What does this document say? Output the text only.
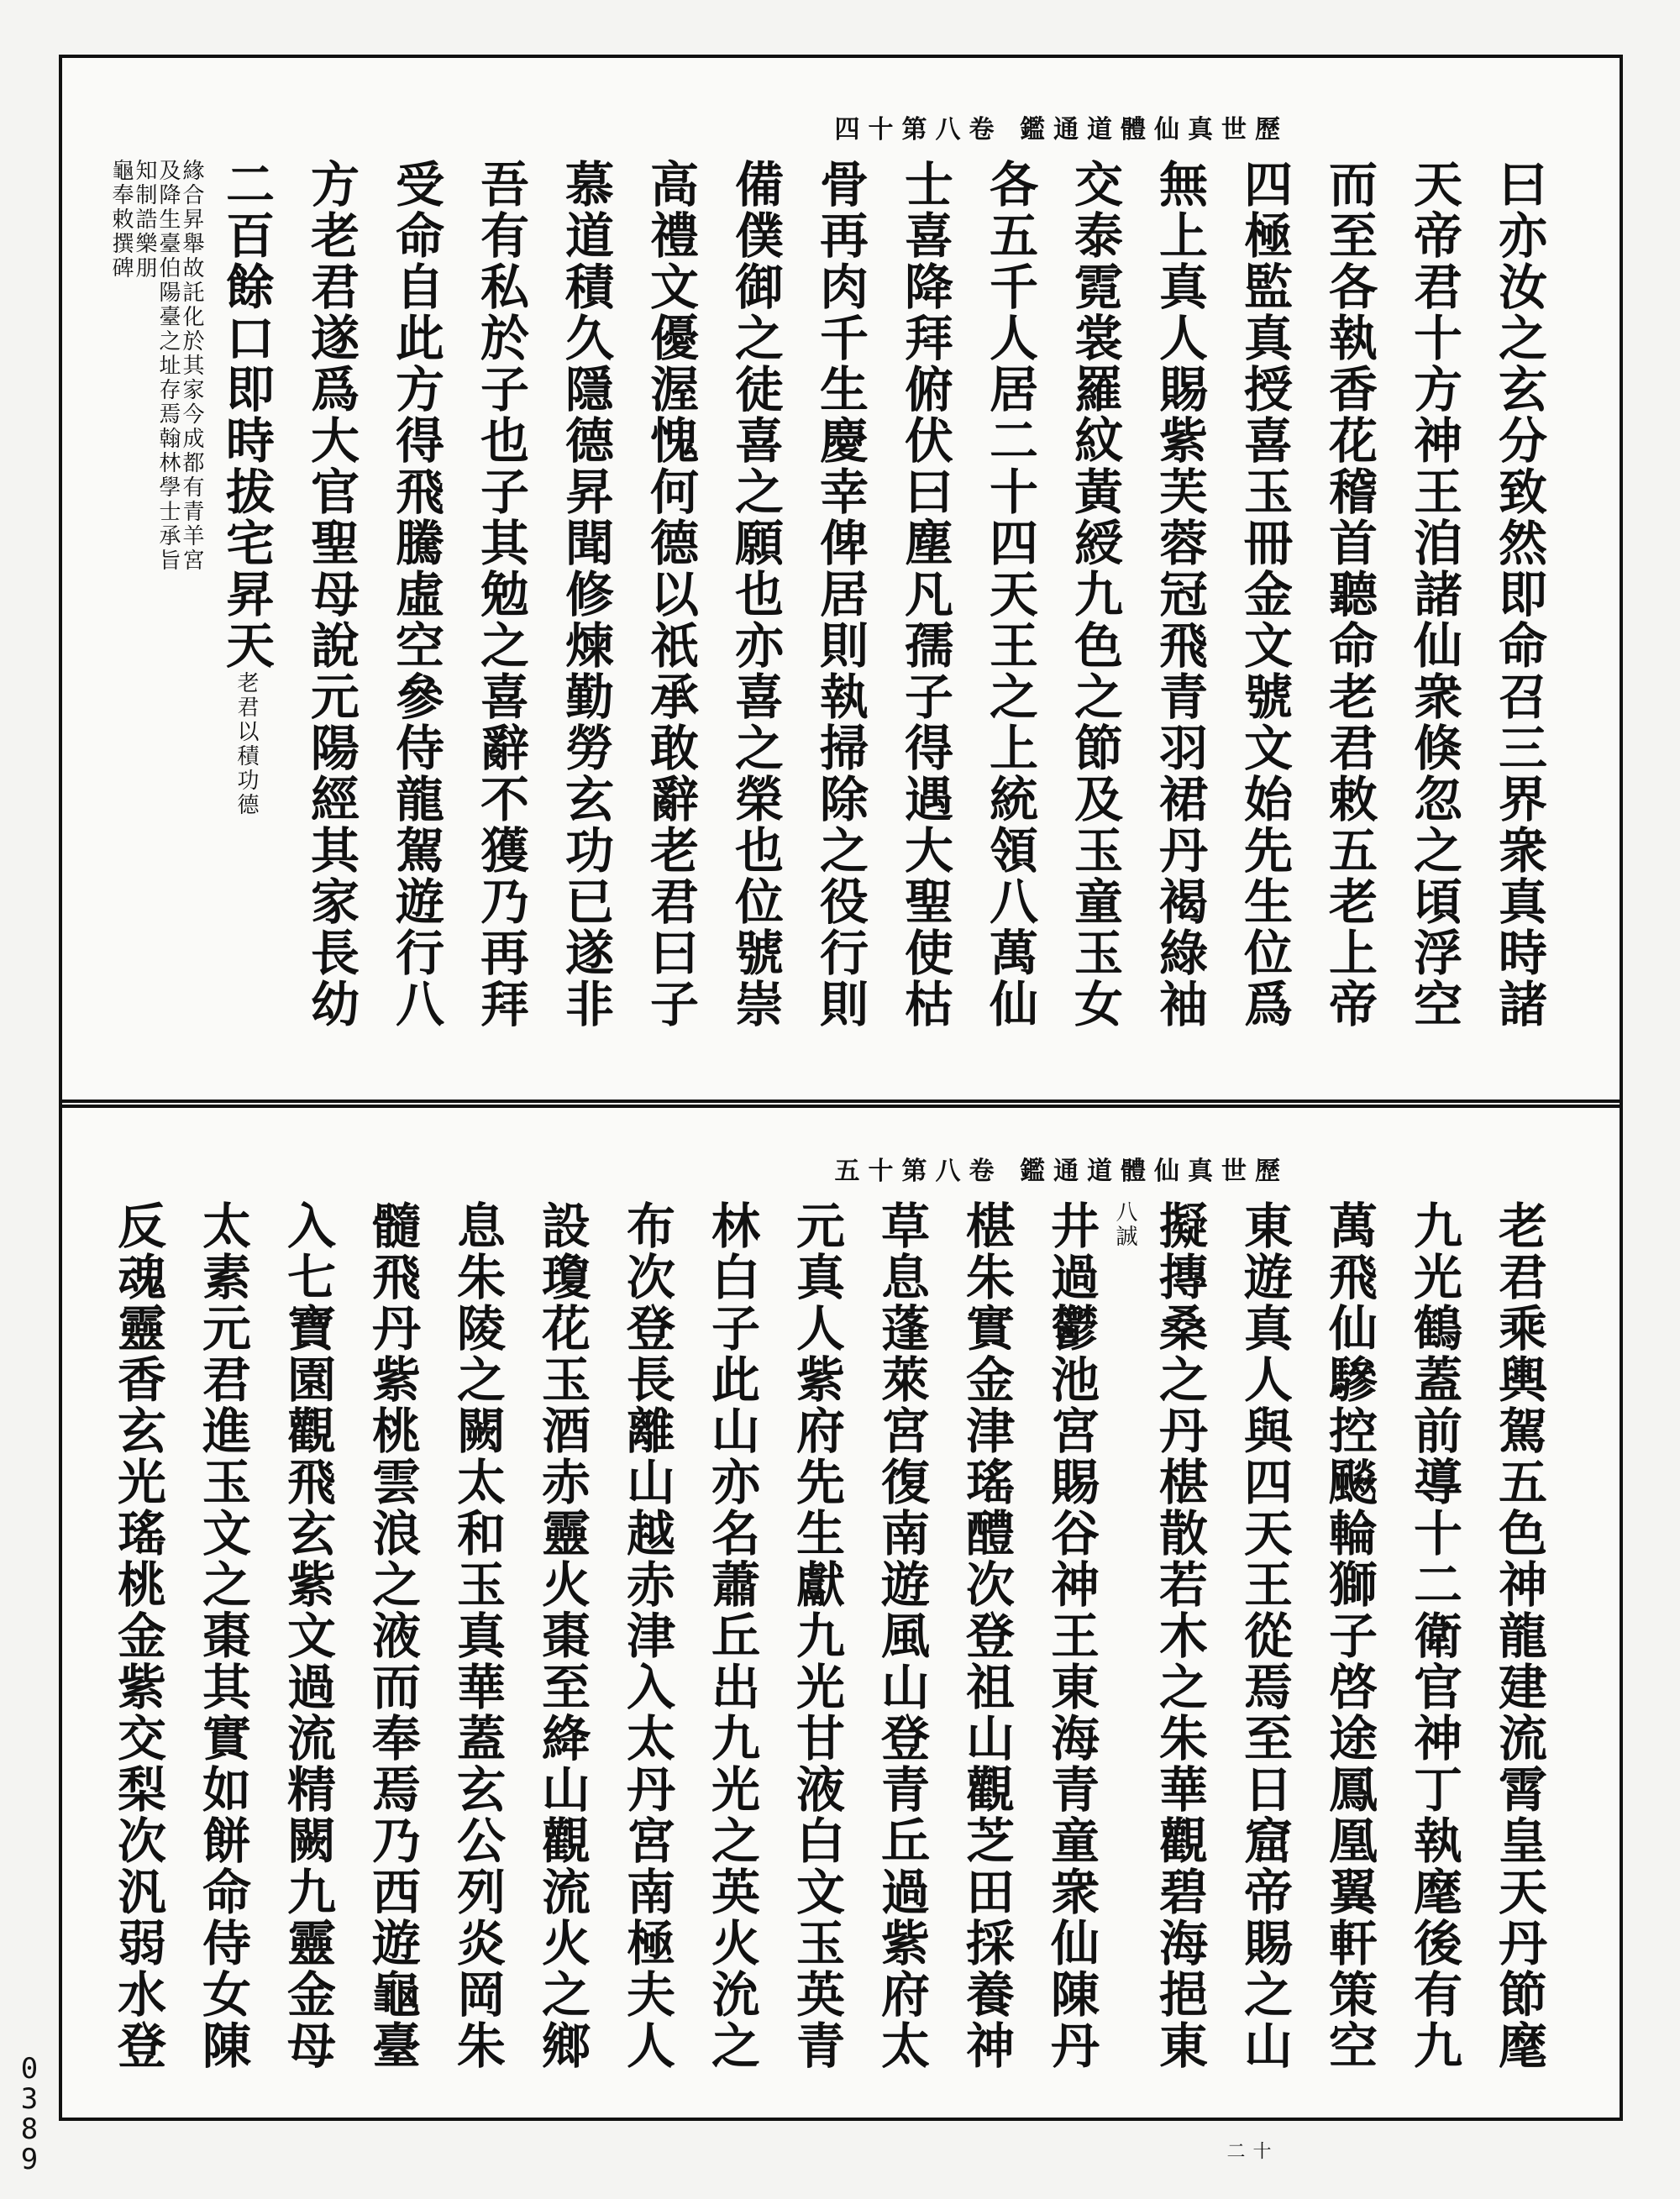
歷世真仙體道通鑑 卷八第十四
曰亦汝之玄分致然即命召三界衆真時諸
天帝君十方神王洎諸仙衆倏忽之頃浮空
而至各執香花稽首聽命老君敕五老上帝
四極監真授喜玉冊金文號文始先生位爲
無上真人賜紫芙蓉冠飛青羽裙丹褐綠袖
交泰霓裳羅紋黃綬九色之節及玉童玉女
各五千人居二十四天王之上統領八萬仙
士喜降拜俯伏曰塵凡孺子得遇大聖使枯
骨再肉千生慶幸俾居則執掃除之役行則
備僕御之徒喜之願也亦喜之榮也位號崇
高禮文優渥愧何德以祇承敢辭老君曰子
慕道積久隱德昇聞修煉勤勞玄功已遂非
吾有私於子也子其勉之喜辭不獲乃再拜
受命自此方得飛騰虛空參侍龍駕遊行八
方老君遂爲大官聖母說元陽經其家長幼
二百餘口即時拔宅昇天老君以積功德
緣合昇舉故託化於其家今成都有青羊宮
及降生臺伯陽臺之址存焉翰林學士承旨
知制誥樂朋
龜奉敕撰碑
歷世真仙體道通鑑 卷八第十五
老君乘輿駕五色神龍建流霄皇天丹節麾
九光鶴蓋前導十二衛官神丁執麾後有九
萬飛仙驂控飈輪獅子啓途鳳凰翼軒策空
東遊真人與四天王從焉至日窟帝賜之山
擬摶桑之丹椹散若木之朱華觀碧海挹東
八誠
井過鬱池宮賜谷神王東海青童衆仙陳丹
椹朱實金津瑤醴次登祖山觀芝田採養神
草息蓬萊宮復南遊風山登青丘過紫府太
元真人紫府先生獻九光甘液白文玉英青
林白子此山亦名蕭丘出九光之英火沇之
布次登長離山越赤津入太丹宮南極夫人
設瓊花玉酒赤靈火棗至絳山觀流火之鄉
息朱陵之闕太和玉真華蓋玄公列炎岡朱
髓飛丹紫桃雲浪之液而奉焉乃西遊龜臺
入七寶園觀飛玄紫文過流精闕九靈金母
太素元君進玉文之棗其實如餅命侍女陳
反魂靈香玄光瑤桃金紫交梨次汎弱水登
十二
0389
